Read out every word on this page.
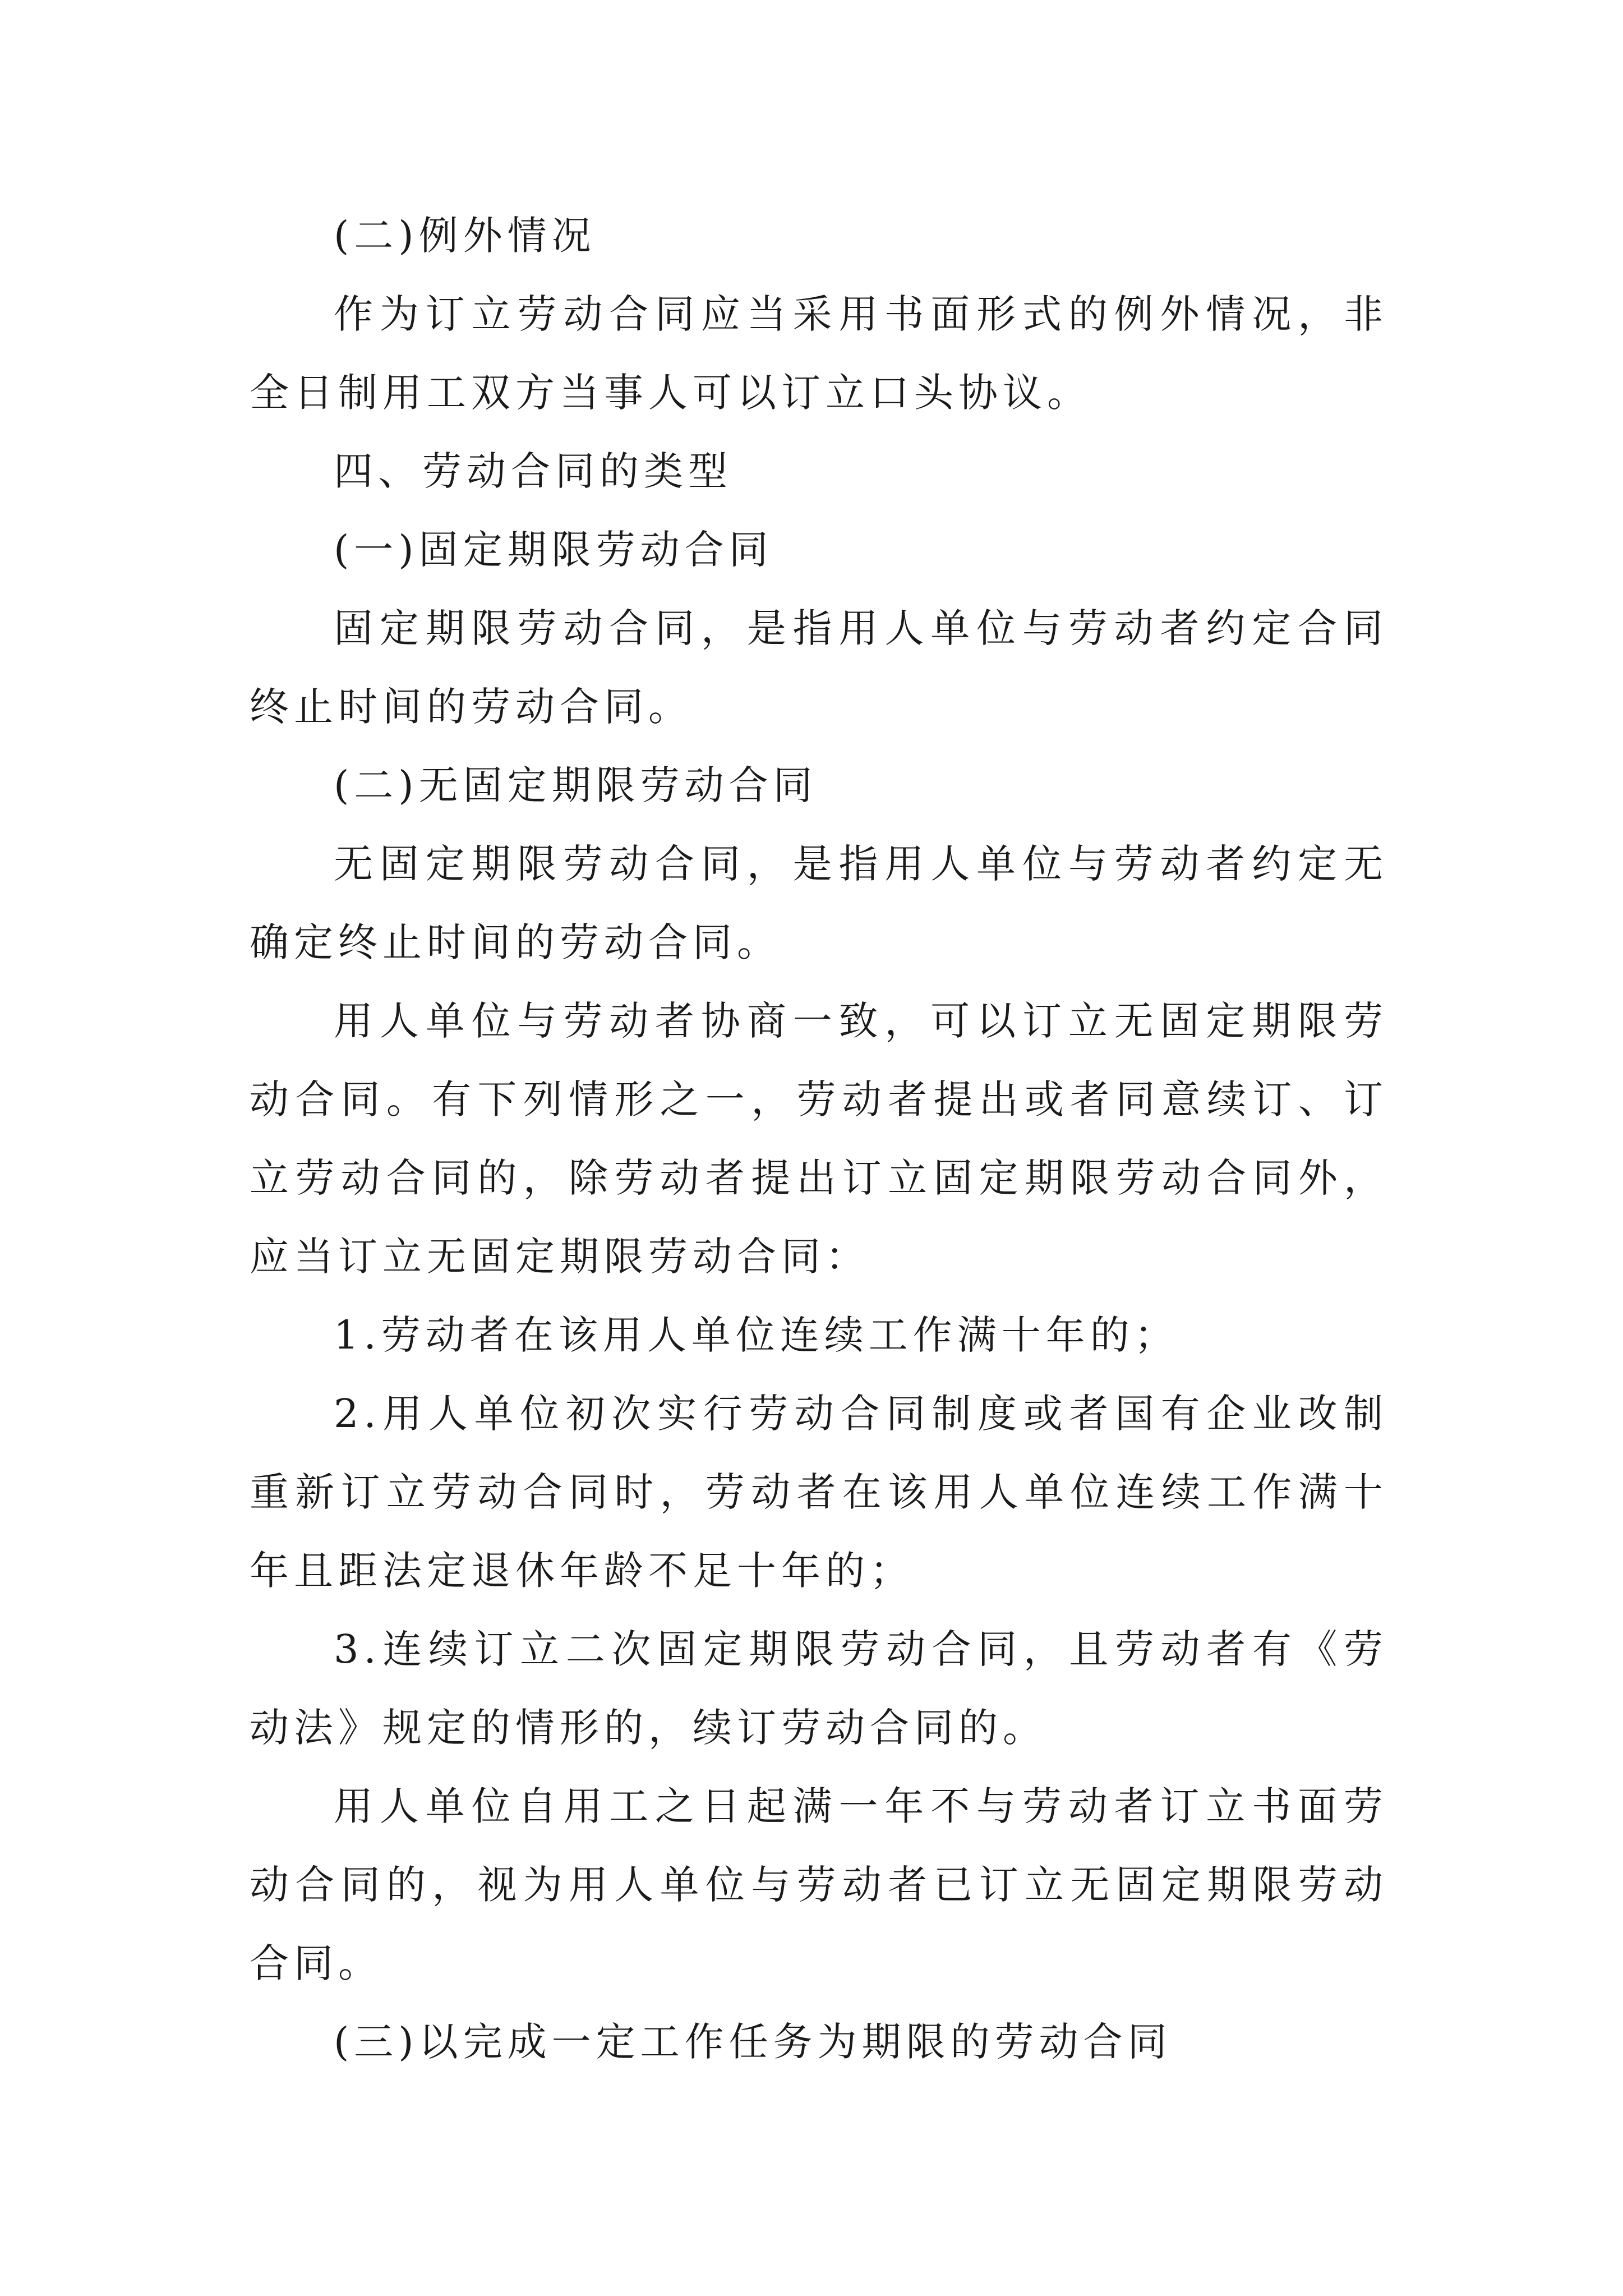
(二)例外情况

作为订立劳动合同应当采用书面形式的例外情况，非全日制用工双方当事人可以订立口头协议。

四、劳动合同的类型

(一)固定期限劳动合同

固定期限劳动合同，是指用人单位与劳动者约定合同终止时间的劳动合同。

(二)无固定期限劳动合同

无固定期限劳动合同，是指用人单位与劳动者约定无确定终止时间的劳动合同。

用人单位与劳动者协商一致，可以订立无固定期限劳动合同。有下列情形之一，劳动者提出或者同意续订、订立劳动合同的，除劳动者提出订立固定期限劳动合同外，应当订立无固定期限劳动合同：

1.劳动者在该用人单位连续工作满十年的；

2.用人单位初次实行劳动合同制度或者国有企业改制重新订立劳动合同时，劳动者在该用人单位连续工作满十年且距法定退休年龄不足十年的；

3.连续订立二次固定期限劳动合同，且劳动者有《劳动法》规定的情形的，续订劳动合同的。

用人单位自用工之日起满一年不与劳动者订立书面劳动合同的，视为用人单位与劳动者已订立无固定期限劳动合同。

(三)以完成一定工作任务为期限的劳动合同
